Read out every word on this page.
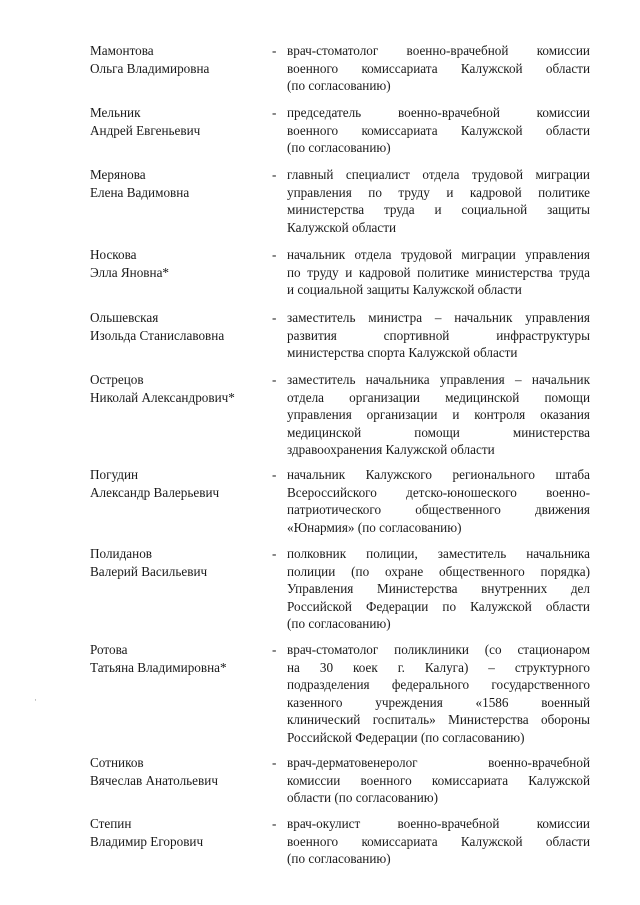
Мамонтова
Ольга Владимировна
- врач-стоматолог военно-врачебной комиссии
военного комиссариата Калужской области
(по согласованию)
Мельник
Андрей Евгеньевич
- председатель военно-врачебной комиссии
военного комиссариата Калужской области
(по согласованию)
Мерянова
Елена Вадимовна
- главный специалист отдела трудовой миграции
управления по труду и кадровой политике
министерства труда и социальной защиты
Калужской области
Носкова
Элла Яновна*
- начальник отдела трудовой миграции управления
по труду и кадровой политике министерства труда
и социальной защиты Калужской области
Ольшевская
Изольда Станиславовна
- заместитель министра – начальник управления
развития спортивной инфраструктуры
министерства спорта Калужской области
Острецов
Николай Александрович*
- заместитель начальника управления – начальник
отдела организации медицинской помощи
управления организации и контроля оказания
медицинской помощи министерства
здравоохранения Калужской области
Погудин
Александр Валерьевич
- начальник Калужского регионального штаба
Всероссийского детско-юношеского военно-
патриотического общественного движения
«Юнармия» (по согласованию)
Полиданов
Валерий Васильевич
- полковник полиции, заместитель начальника
полиции (по охране общественного порядка)
Управления Министерства внутренних дел
Российской Федерации по Калужской области
(по согласованию)
Ротова
Татьяна Владимировна*
- врач-стоматолог поликлиники (со стационаром
на 30 коек г. Калуга) – структурного
подразделения федерального государственного
казенного учреждения «1586 военный
клинический госпиталь» Министерства обороны
Российской Федерации (по согласованию)
Сотников
Вячеслав Анатольевич
- врач-дерматовенеролог военно-врачебной
комиссии военного комиссариата Калужской
области (по согласованию)
Степин
Владимир Егорович
- врач-окулист военно-врачебной комиссии
военного комиссариата Калужской области
(по согласованию)
·
